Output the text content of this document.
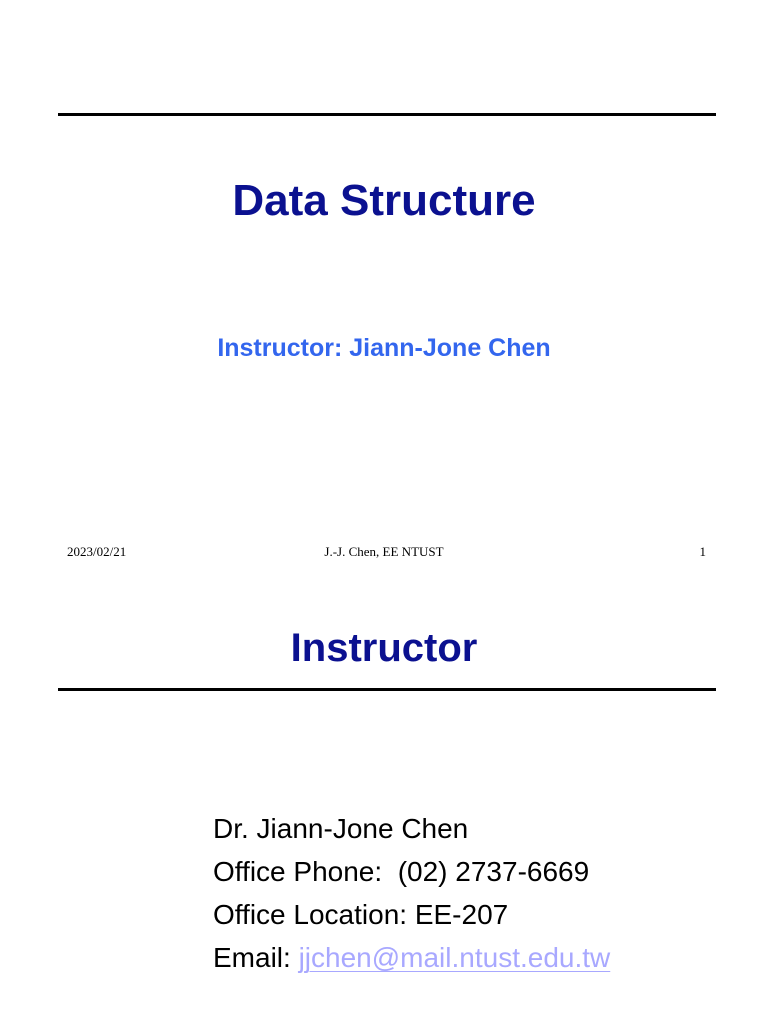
Data Structure
Instructor: Jiann-Jone Chen
2023/02/21	J.-J. Chen, EE NTUST	1
Instructor
Dr. Jiann-Jone Chen
Office Phone:  (02) 2737-6669
Office Location: EE-207
Email: jjchen@mail.ntust.edu.tw
